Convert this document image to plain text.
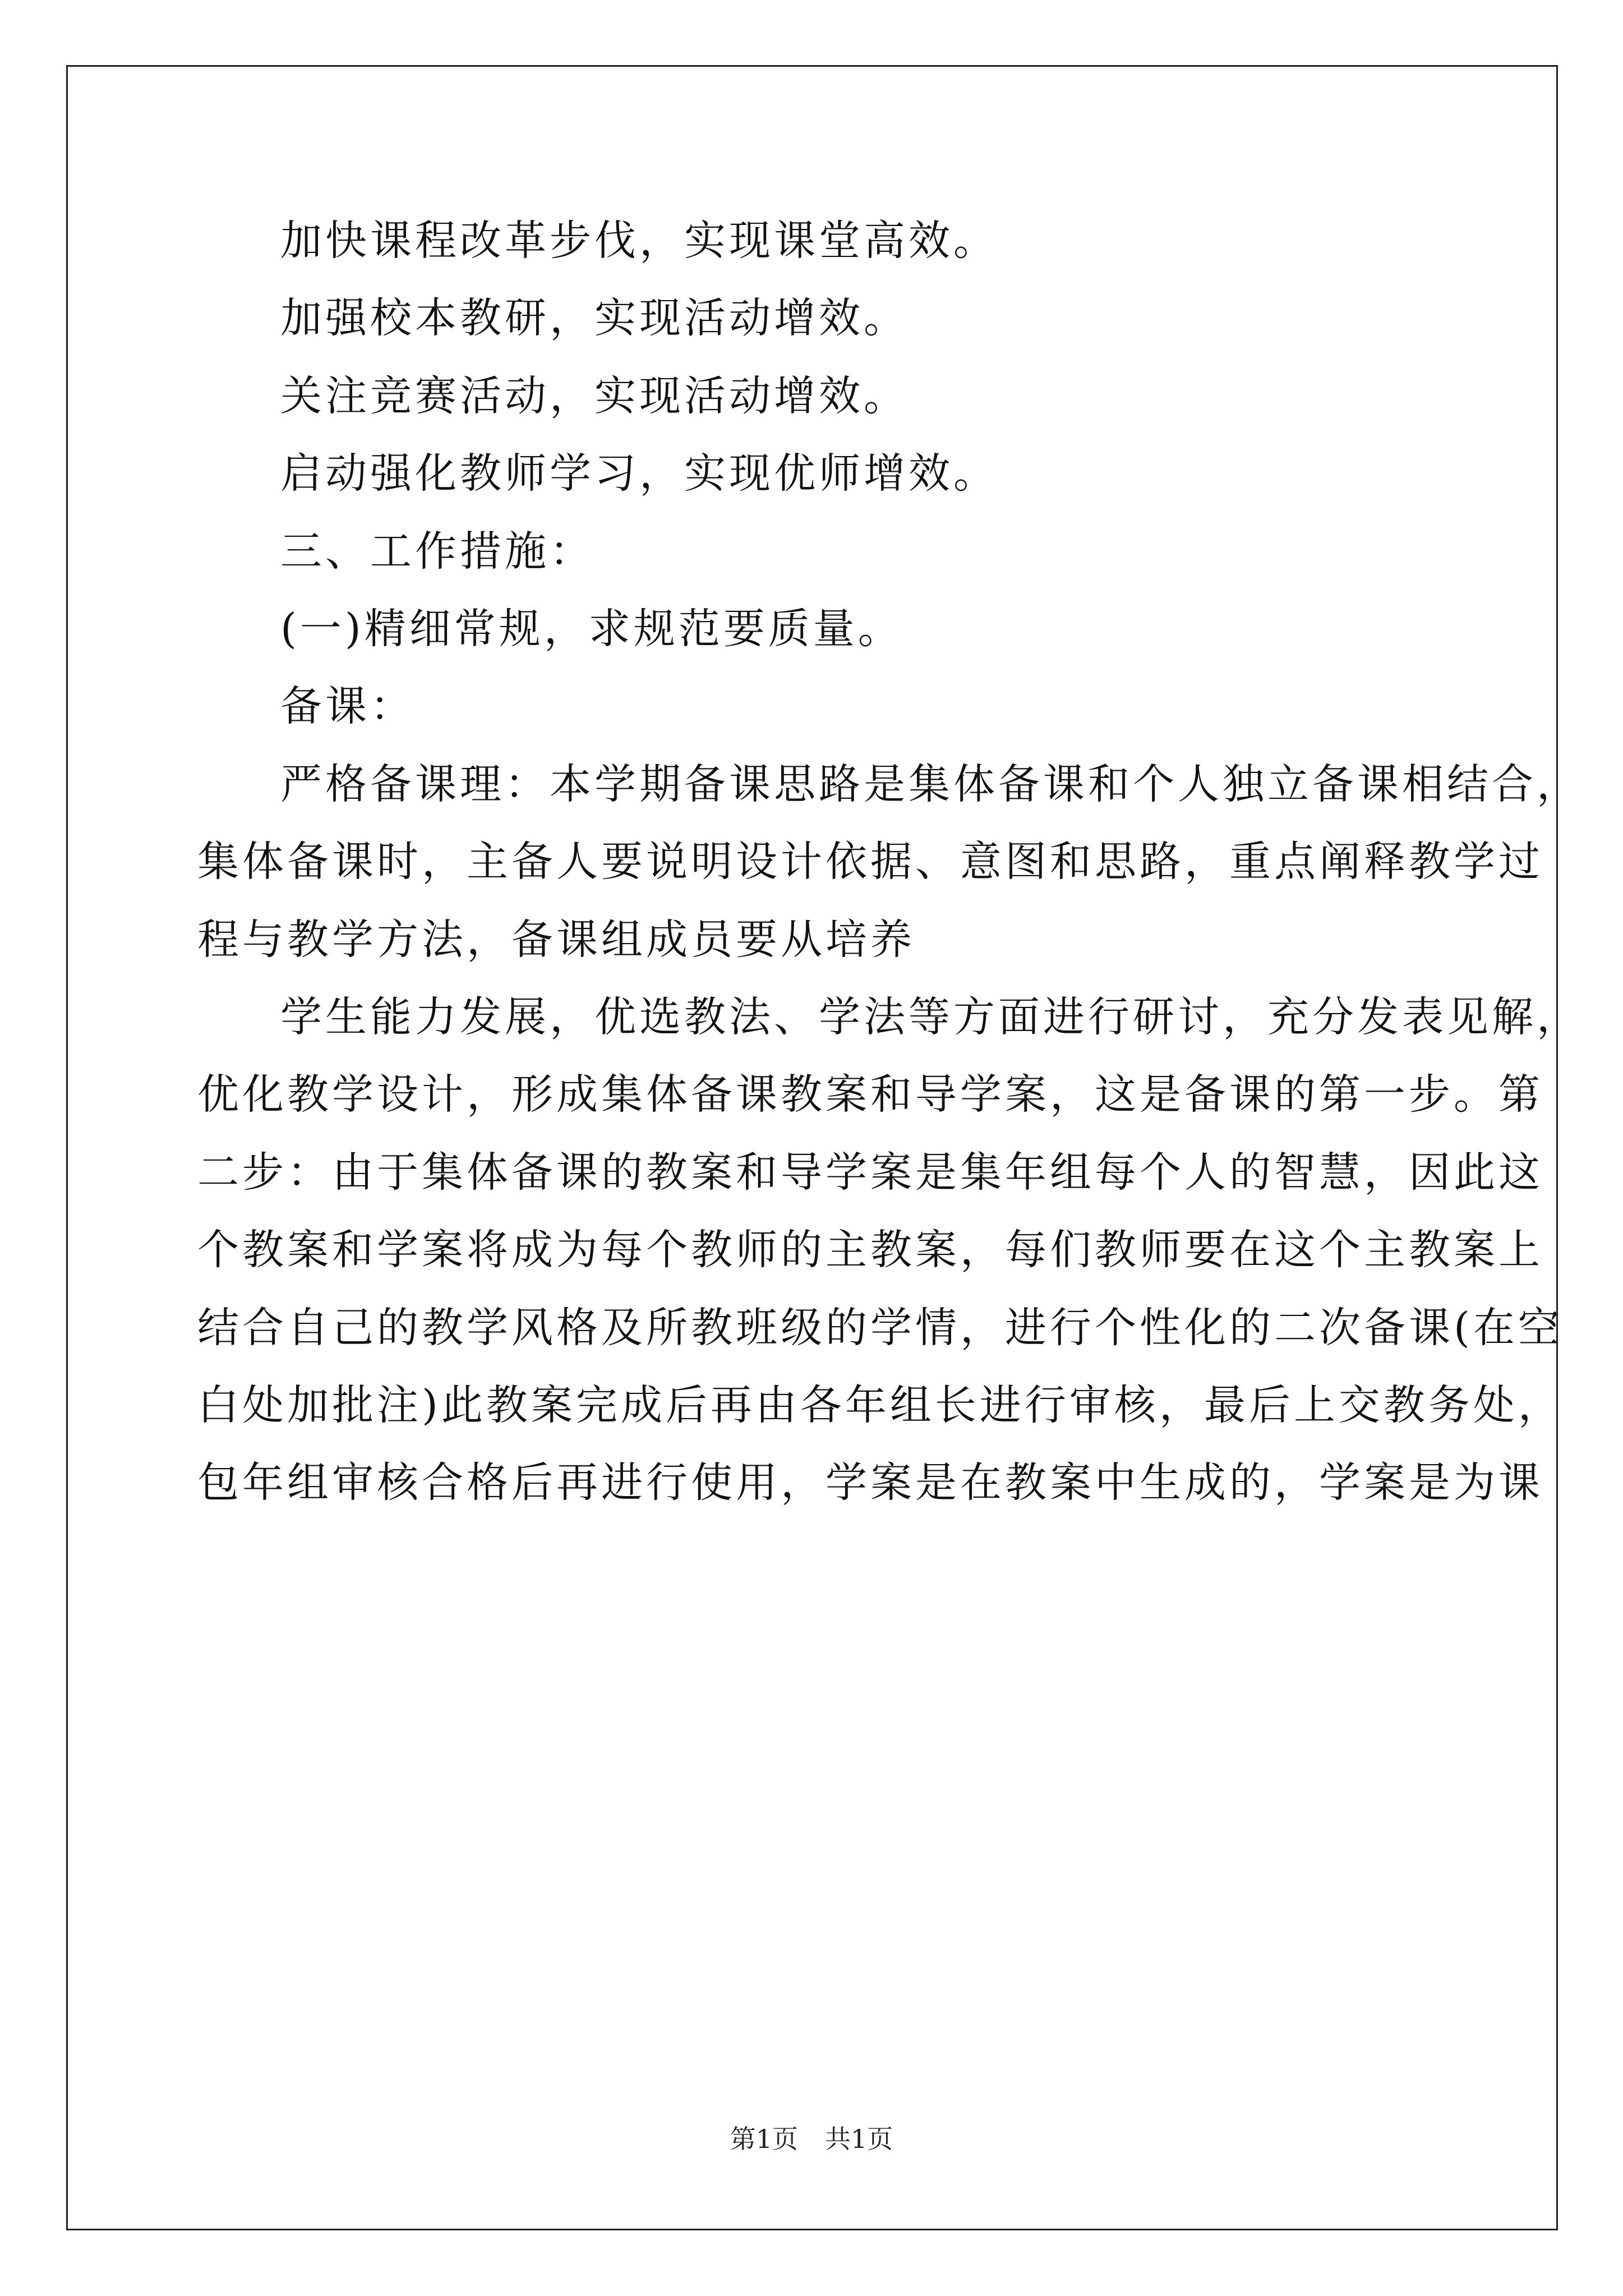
加快课程改革步伐，实现课堂高效。
加强校本教研，实现活动增效。
关注竞赛活动，实现活动增效。
启动强化教师学习，实现优师增效。
三、工作措施：
(一)精细常规，求规范要质量。
备课：
严格备课理：本学期备课思路是集体备课和个人独立备课相结合，
集体备课时，主备人要说明设计依据、意图和思路，重点阐释教学过
程与教学方法，备课组成员要从培养
学生能力发展，优选教法、学法等方面进行研讨，充分发表见解，
优化教学设计，形成集体备课教案和导学案，这是备课的第一步。第
二步：由于集体备课的教案和导学案是集年组每个人的智慧，因此这
个教案和学案将成为每个教师的主教案，每们教师要在这个主教案上
结合自己的教学风格及所教班级的学情，进行个性化的二次备课(在空
白处加批注)此教案完成后再由各年组长进行审核，最后上交教务处，
包年组审核合格后再进行使用，学案是在教案中生成的，学案是为课
第1页 共1页
